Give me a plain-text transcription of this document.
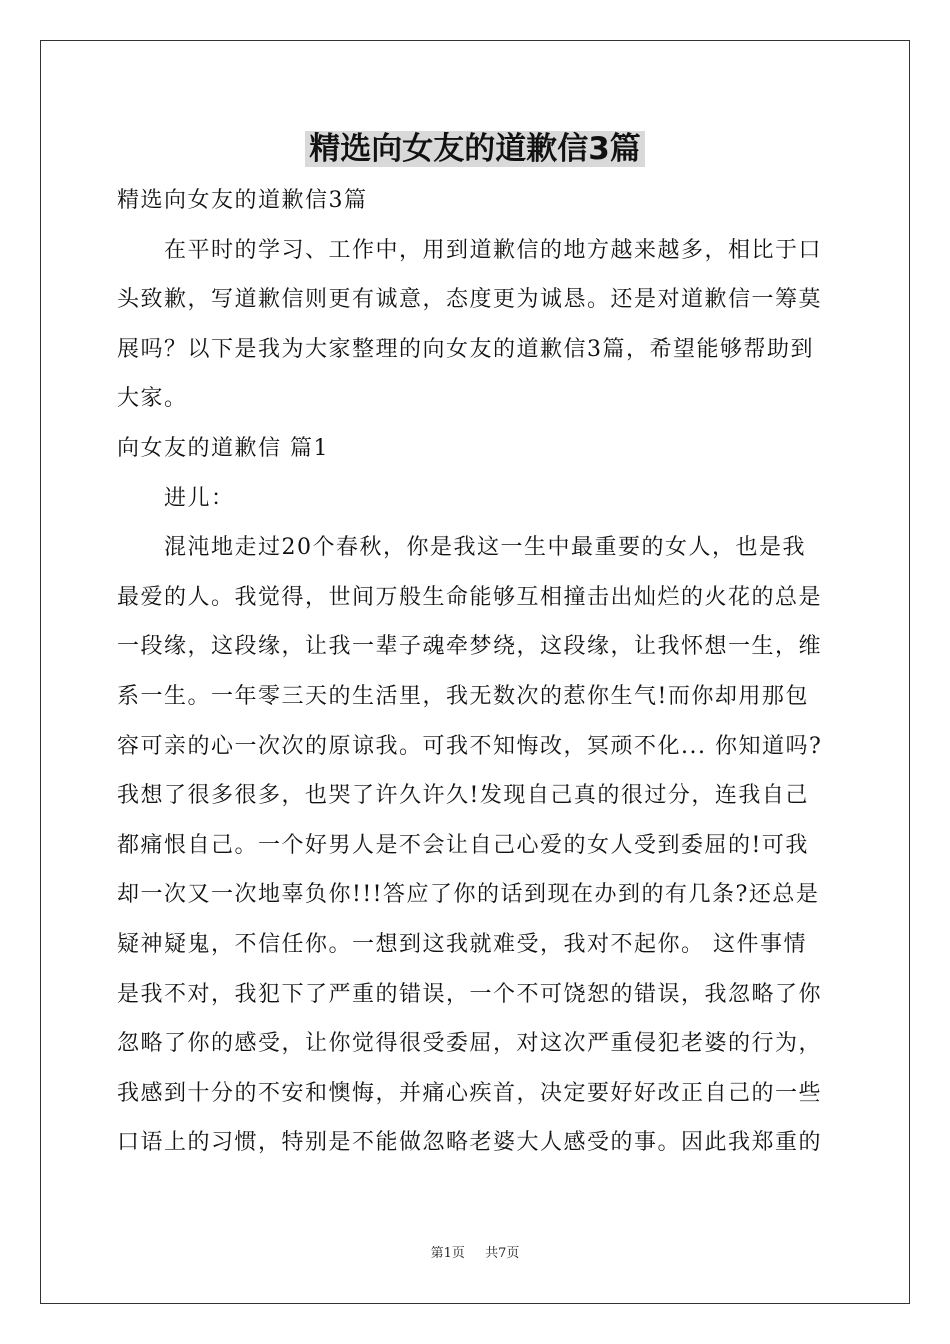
精选向女友的道歉信3篇
精选向女友的道歉信3篇
在平时的学习、工作中，用到道歉信的地方越来越多，相比于口
头致歉，写道歉信则更有诚意，态度更为诚恳。还是对道歉信一筹莫
展吗？以下是我为大家整理的向女友的道歉信3篇，希望能够帮助到
大家。
向女友的道歉信 篇1
进儿：
混沌地走过20个春秋，你是我这一生中最重要的女人，也是我
最爱的人。我觉得，世间万般生命能够互相撞击出灿烂的火花的总是
一段缘，这段缘，让我一辈子魂牵梦绕，这段缘，让我怀想一生，维
系一生。一年零三天的生活里，我无数次的惹你生气!而你却用那包
容可亲的心一次次的原谅我。可我不知悔改，冥顽不化... 你知道吗?
我想了很多很多，也哭了许久许久!发现自己真的很过分，连我自己
都痛恨自己。一个好男人是不会让自己心爱的女人受到委屈的!可我
却一次又一次地辜负你!!!答应了你的话到现在办到的有几条?还总是
疑神疑鬼，不信任你。一想到这我就难受，我对不起你。 这件事情
是我不对，我犯下了严重的错误，一个不可饶恕的错误，我忽略了你
忽略了你的感受，让你觉得很受委屈，对这次严重侵犯老婆的行为，
我感到十分的不安和懊悔，并痛心疾首，决定要好好改正自己的一些
口语上的习惯，特别是不能做忽略老婆大人感受的事。因此我郑重的
第1页 共7页
